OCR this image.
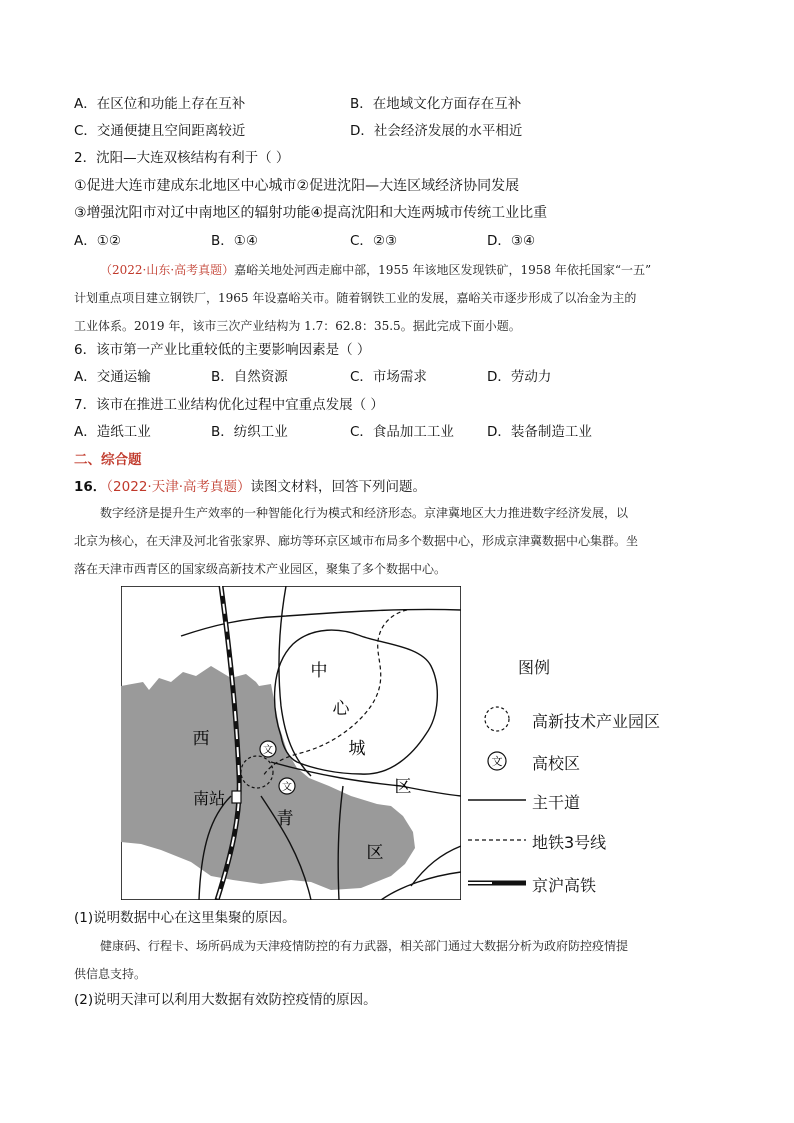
A．在区位和功能上存在互补	B．在地域文化方面存在互补
C．交通便捷且空间距离较近	D．社会经济发展的水平相近
2．沈阳—大连双核结构有利于（ ）
①促进大连市建成东北地区中心城市②促进沈阳—大连区域经济协同发展
③增强沈阳市对辽中南地区的辐射功能④提高沈阳和大连两城市传统工业比重
A．①②	B．①④	C．②③	D．③④
（2022·山东·高考真题）嘉峪关地处河西走廊中部，1955 年该地区发现铁矿，1958 年依托国家“一五”
计划重点项目建立钢铁厂，1965 年设嘉峪关市。随着钢铁工业的发展，嘉峪关市逐步形成了以冶金为主的
工业体系。2019 年，该市三次产业结构为 1.7：62.8：35.5。据此完成下面小题。
6．该市第一产业比重较低的主要影响因素是（ ）
A．交通运输	B．自然资源	C．市场需求	D．劳动力
7．该市在推进工业结构优化过程中宜重点发展（ ）
A．造纸工业	B．纺织工业	C．食品加工工业 D．装备制造工业
二、综合题
16．（2022·天津·高考真题）读图文材料，回答下列问题。
数字经济是提升生产效率的一种智能化行为模式和经济形态。京津冀地区大力推进数字经济发展，以
北京为核心，在天津及河北省张家界、廊坊等环京区域市布局多个数据中心，形成京津冀数据中心集群。坐
落在天津市西青区的国家级高新技术产业园区，聚集了多个数据中心。
文
文
中
心
城
区
西
南站
青
区
图例
高新技术产业园区
文 高校区
主干道
地铁3号线
京沪高铁
(1)说明数据中心在这里集聚的原因。
健康码、行程卡、场所码成为天津疫情防控的有力武器，相关部门通过大数据分析为政府防控疫情提
供信息支持。
(2)说明天津可以利用大数据有效防控疫情的原因。
